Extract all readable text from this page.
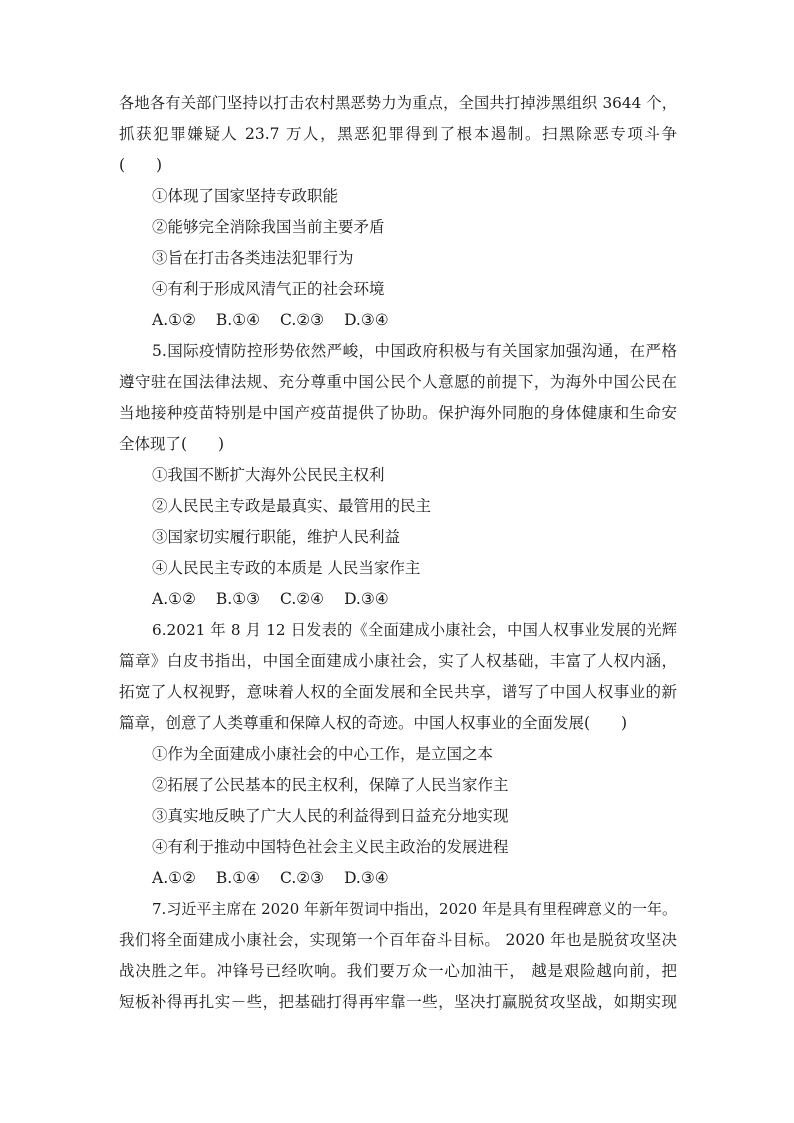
各地各有关部门坚持以打击农村黑恶势力为重点，全国共打掉涉黑组织 3644 个，
抓获犯罪嫌疑人 23.7 万人，黑恶犯罪得到了根本遏制。扫黑除恶专项斗争
(　　)
①体现了国家坚持专政职能
②能够完全消除我国当前主要矛盾
③旨在打击各类违法犯罪行为
④有利于形成风清气正的社会环境
A.①② B.①④ C.②③ D.③④
5.国际疫情防控形势依然严峻，中国政府积极与有关国家加强沟通，在严格
遵守驻在国法律法规、充分尊重中国公民个人意愿的前提下，为海外中国公民在
当地接种疫苗特别是中国产疫苗提供了协助。保护海外同胞的身体健康和生命安
全体现了(　　)
①我国不断扩大海外公民民主权利
②人民民主专政是最真实、最管用的民主
③国家切实履行职能，维护人民利益
④人民民主专政的本质是 人民当家作主
A.①② B.①③ C.②④ D.③④
6.2021 年 8 月 12 日发表的《全面建成小康社会，中国人权事业发展的光辉
篇章》白皮书指出，中国全面建成小康社会，实了人权基础，丰富了人权内涵，
拓宽了人权视野，意味着人权的全面发展和全民共享，谱写了中国人权事业的新
篇章，创意了人类尊重和保障人权的奇迹。中国人权事业的全面发展(　　)
①作为全面建成小康社会的中心工作，是立国之本
②拓展了公民基本的民主权利，保障了人民当家作主
③真实地反映了广大人民的利益得到日益充分地实现
④有利于推动中国特色社会主义民主政治的发展进程
A.①② B.①④ C.②③ D.③④
7.习近平主席在 2020 年新年贺词中指出，2020 年是具有里程碑意义的一年。
我们将全面建成小康社会，实现第一个百年奋斗目标。 2020 年也是脱贫攻坚决
战决胜之年。冲锋号已经吹响。我们要万众一心加油干， 越是艰险越向前，把
短板补得再扎实－些，把基础打得再牢靠一些，坚决打赢脱贫攻坚战，如期实现
